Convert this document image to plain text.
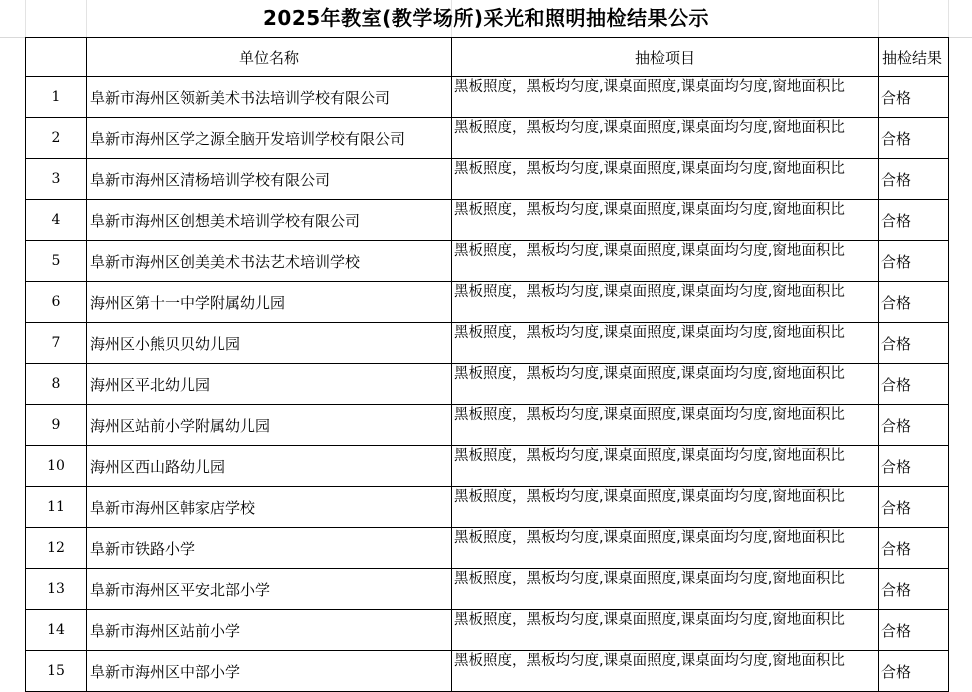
2025年教室(教学场所)采光和照明抽检结果公示
	单位名称	抽检项目	抽检结果
1	阜新市海州区领新美术书法培训学校有限公司	黑板照度，黑板均匀度,课桌面照度,课桌面均匀度,窗地面积比	合格
2	阜新市海州区学之源全脑开发培训学校有限公司	黑板照度，黑板均匀度,课桌面照度,课桌面均匀度,窗地面积比	合格
3	阜新市海州区清杨培训学校有限公司	黑板照度，黑板均匀度,课桌面照度,课桌面均匀度,窗地面积比	合格
4	阜新市海州区创想美术培训学校有限公司	黑板照度，黑板均匀度,课桌面照度,课桌面均匀度,窗地面积比	合格
5	阜新市海州区创美美术书法艺术培训学校	黑板照度，黑板均匀度,课桌面照度,课桌面均匀度,窗地面积比	合格
6	海州区第十一中学附属幼儿园	黑板照度，黑板均匀度,课桌面照度,课桌面均匀度,窗地面积比	合格
7	海州区小熊贝贝幼儿园	黑板照度，黑板均匀度,课桌面照度,课桌面均匀度,窗地面积比	合格
8	海州区平北幼儿园	黑板照度，黑板均匀度,课桌面照度,课桌面均匀度,窗地面积比	合格
9	海州区站前小学附属幼儿园	黑板照度，黑板均匀度,课桌面照度,课桌面均匀度,窗地面积比	合格
10	海州区西山路幼儿园	黑板照度，黑板均匀度,课桌面照度,课桌面均匀度,窗地面积比	合格
11	阜新市海州区韩家店学校	黑板照度，黑板均匀度,课桌面照度,课桌面均匀度,窗地面积比	合格
12	阜新市铁路小学	黑板照度，黑板均匀度,课桌面照度,课桌面均匀度,窗地面积比	合格
13	阜新市海州区平安北部小学	黑板照度，黑板均匀度,课桌面照度,课桌面均匀度,窗地面积比	合格
14	阜新市海州区站前小学	黑板照度，黑板均匀度,课桌面照度,课桌面均匀度,窗地面积比	合格
15	阜新市海州区中部小学	黑板照度，黑板均匀度,课桌面照度,课桌面均匀度,窗地面积比	合格
